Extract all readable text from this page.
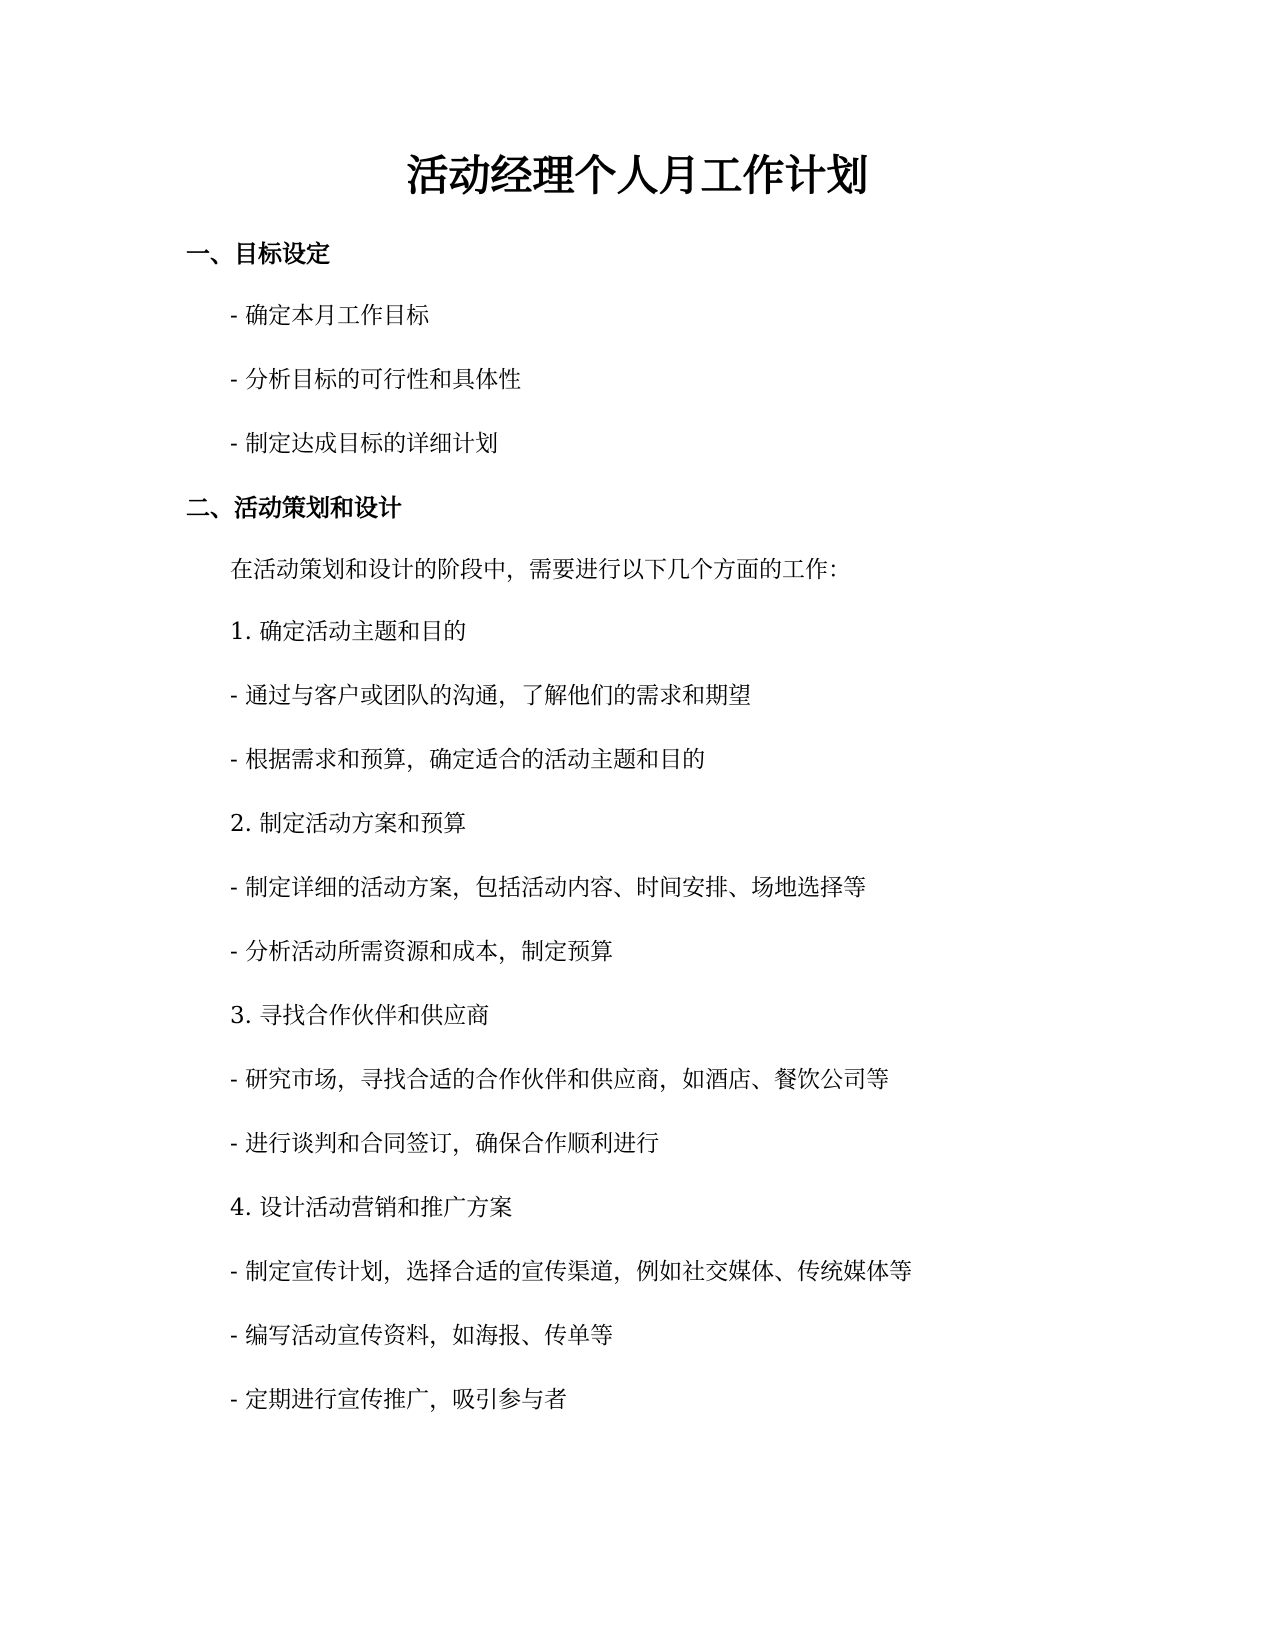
活动经理个人月工作计划
一、目标设定

- 确定本月工作目标

- 分析目标的可行性和具体性

- 制定达成目标的详细计划

二、活动策划和设计

在活动策划和设计的阶段中，需要进行以下几个方面的工作：

1. 确定活动主题和目的

- 通过与客户或团队的沟通，了解他们的需求和期望

- 根据需求和预算，确定适合的活动主题和目的

2. 制定活动方案和预算

- 制定详细的活动方案，包括活动内容、时间安排、场地选择等

- 分析活动所需资源和成本，制定预算

3. 寻找合作伙伴和供应商

- 研究市场，寻找合适的合作伙伴和供应商，如酒店、餐饮公司等

- 进行谈判和合同签订，确保合作顺利进行

4. 设计活动营销和推广方案

- 制定宣传计划，选择合适的宣传渠道，例如社交媒体、传统媒体等

- 编写活动宣传资料，如海报、传单等

- 定期进行宣传推广，吸引参与者
